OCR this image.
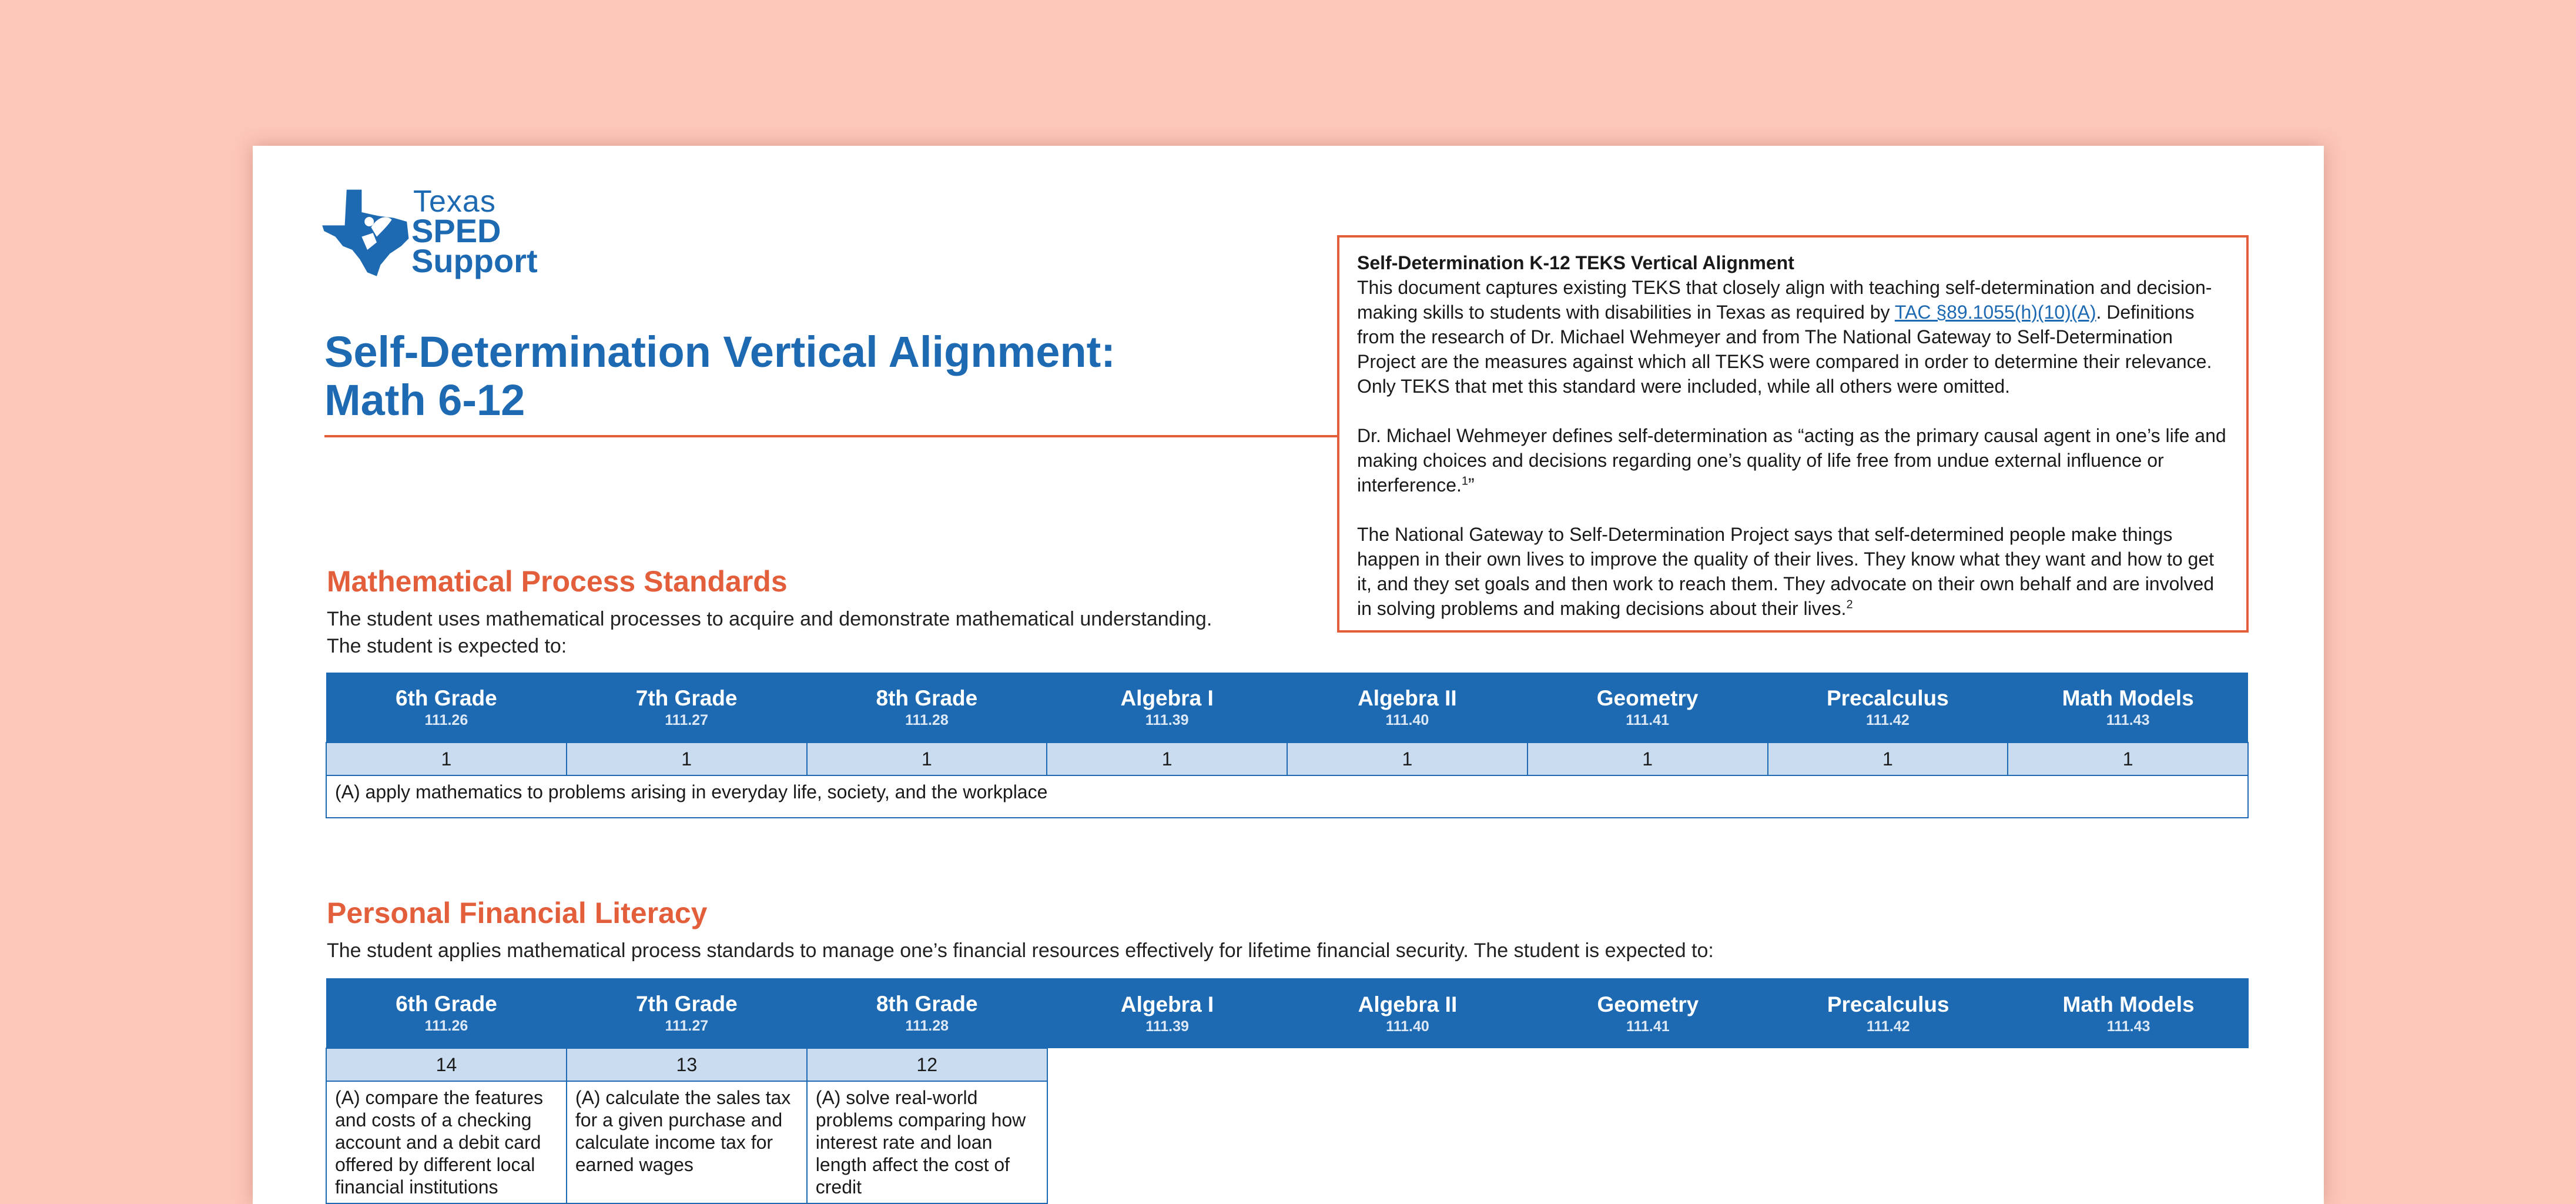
Texas
SPED
Support
Self-Determination Vertical Alignment:
Math 6-12

Self-Determination K-12 TEKS Vertical Alignment
This document captures existing TEKS that closely align with teaching self-determination and decision-making skills to students with disabilities in Texas as required by TAC §89.1055(h)(10)(A). Definitions from the research of Dr. Michael Wehmeyer and from The National Gateway to Self-Determination Project are the measures against which all TEKS were compared in order to determine their relevance. Only TEKS that met this standard were included, while all others were omitted.

Dr. Michael Wehmeyer defines self-determination as “acting as the primary causal agent in one’s life and making choices and decisions regarding one’s quality of life free from undue external influence or interference.$^1$”

The National Gateway to Self-Determination Project says that self-determined people make things happen in their own lives to improve the quality of their lives. They know what they want and how to get it, and they set goals and then work to reach them. They advocate on their own behalf and are involved in solving problems and making decisions about their lives.$^2$

Mathematical Process Standards
The student uses mathematical processes to acquire and demonstrate mathematical understanding.
The student is expected to:
6th Grade
111.26	7th Grade
111.27	8th Grade
111.28	Algebra I
111.39	Algebra II
111.40	Geometry
111.41	Precalculus
111.42	Math Models
111.43

1	1	1	1	1	1	1	1
(A) apply mathematics to problems arising in everyday life, society, and the workplace							
Personal Financial Literacy
The student applies mathematical process standards to manage one’s financial resources effectively for lifetime financial security. The student is expected to:
6th Grade
111.26	7th Grade
111.27	8th Grade
111.28	Algebra I
111.39	Algebra II
111.40	Geometry
111.41	Precalculus
111.42	Math Models
111.43

14	13	12					
(A) compare the features and costs of a checking account and a debit card offered by different local financial institutions	(A) calculate the sales tax for a given purchase and calculate income tax for earned wages	(A) solve real-world problems comparing how interest rate and loan length affect the cost of credit					
